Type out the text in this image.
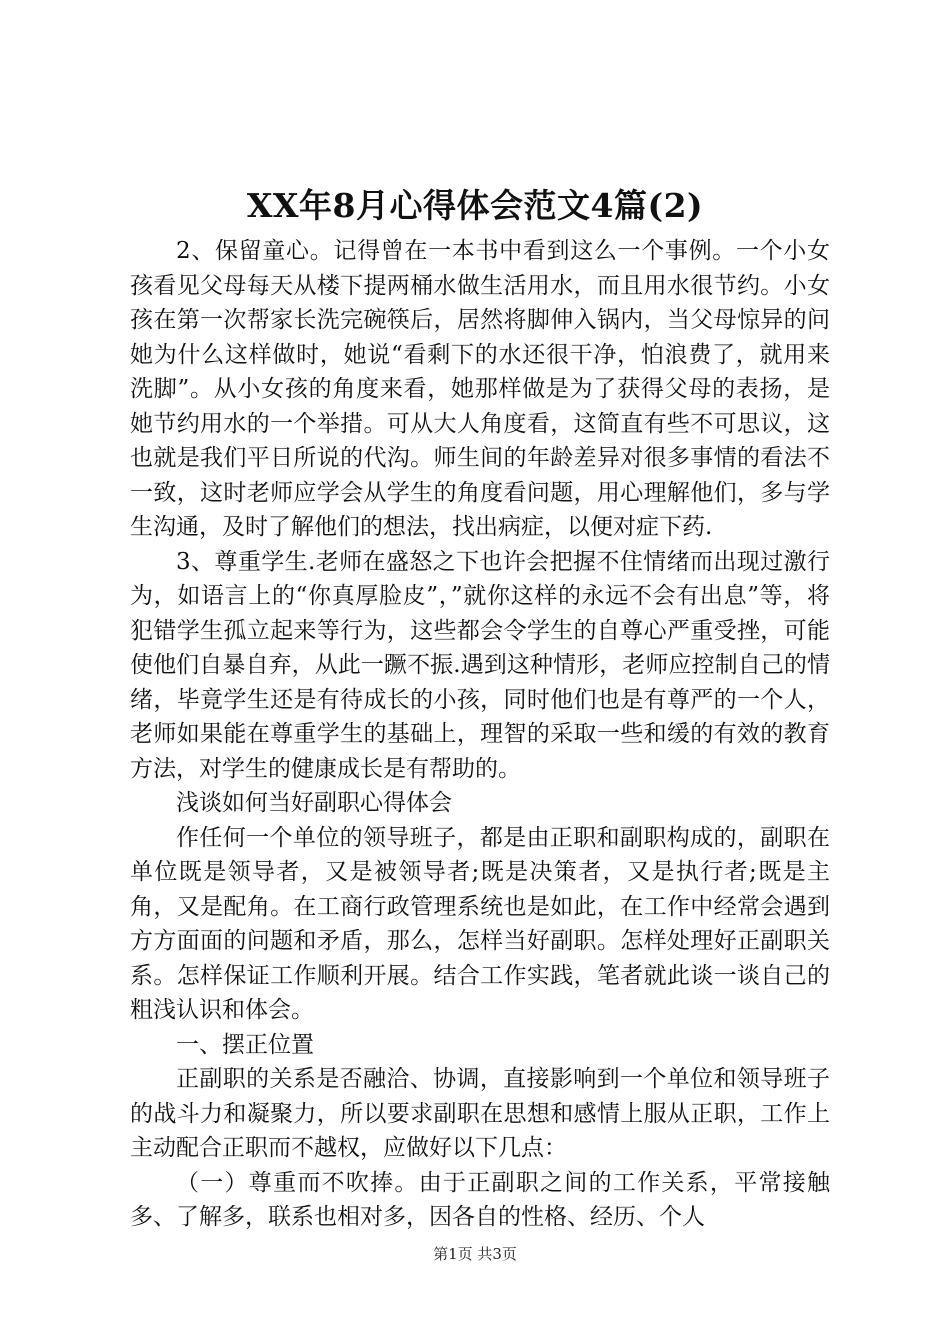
XX年8月心得体会范文4篇(2)

2、保留童心。记得曾在一本书中看到这么一个事例。一个小女孩看见父母每天从楼下提两桶水做生活用水，而且用水很节约。小女孩在第一次帮家长洗完碗筷后，居然将脚伸入锅内，当父母惊异的问她为什么这样做时，她说“看剩下的水还很干净，怕浪费了，就用来洗脚”。从小女孩的角度来看，她那样做是为了获得父母的表扬，是她节约用水的一个举措。可从大人角度看，这简直有些不可思议，这也就是我们平日所说的代沟。师生间的年龄差异对很多事情的看法不一致，这时老师应学会从学生的角度看问题，用心理解他们，多与学生沟通，及时了解他们的想法，找出病症，以便对症下药.

3、尊重学生.老师在盛怒之下也许会把握不住情绪而出现过激行为，如语言上的“你真厚脸皮”，”就你这样的永远不会有出息”等，将犯错学生孤立起来等行为，这些都会令学生的自尊心严重受挫，可能使他们自暴自弃，从此一蹶不振.遇到这种情形，老师应控制自己的情绪，毕竟学生还是有待成长的小孩，同时他们也是有尊严的一个人，老师如果能在尊重学生的基础上，理智的采取一些和缓的有效的教育方法，对学生的健康成长是有帮助的。

浅谈如何当好副职心得体会

作任何一个单位的领导班子，都是由正职和副职构成的，副职在单位既是领导者，又是被领导者;既是决策者，又是执行者;既是主角，又是配角。在工商行政管理系统也是如此，在工作中经常会遇到方方面面的问题和矛盾，那么，怎样当好副职。怎样处理好正副职关系。怎样保证工作顺利开展。结合工作实践，笔者就此谈一谈自己的粗浅认识和体会。

一、摆正位置

正副职的关系是否融洽、协调，直接影响到一个单位和领导班子的战斗力和凝聚力，所以要求副职在思想和感情上服从正职，工作上主动配合正职而不越权，应做好以下几点：

（一）尊重而不吹捧。由于正副职之间的工作关系，平常接触多、了解多，联系也相对多，因各自的性格、经历、个人

第1页 共3页
